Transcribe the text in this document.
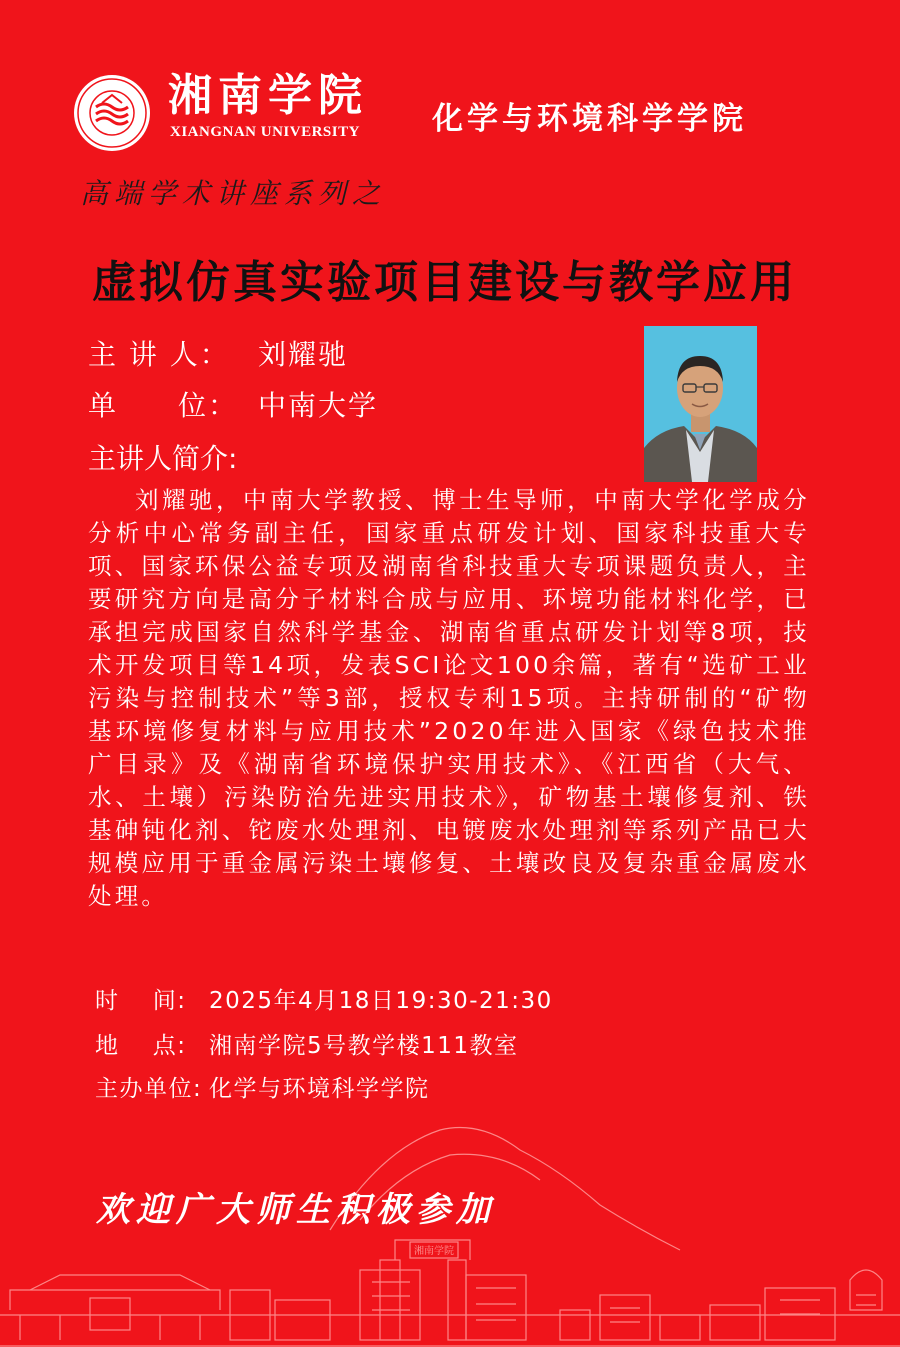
湘南学院
XIANGNAN UNIVERSITY 化学与环境科学学院
高端学术讲座系列之
虚拟仿真实验项目建设与教学应用
主 讲 人： 刘耀驰
单　　位： 中南大学
主讲人简介:
刘耀驰，中南大学教授、博士生导师，中南大学化学成分分析中心常务副主任，国家重点研发计划、国家科技重大专项、国家环保公益专项及湖南省科技重大专项课题负责人，主要研究方向是高分子材料合成与应用、环境功能材料化学，已承担完成国家自然科学基金、湖南省重点研发计划等8项，技术开发项目等14项，发表SCI论文100余篇，著有“选矿工业污染与控制技术”等3部，授权专利15项。主持研制的“矿物基环境修复材料与应用技术”2020年进入国家《绿色技术推广目录》及《湖南省环境保护实用技术》、《江西省（大气、水、土壤）污染防治先进实用技术》，矿物基土壤修复剂、铁基砷钝化剂、铊废水处理剂、电镀废水处理剂等系列产品已大规模应用于重金属污染土壤修复、土壤改良及复杂重金属废水处理。
时　 间: 2025年4月18日19:30-21:30
地　 点: 湘南学院5号教学楼111教室
主办单位: 化学与环境科学学院
湘南学院
欢迎广大师生积极参加
